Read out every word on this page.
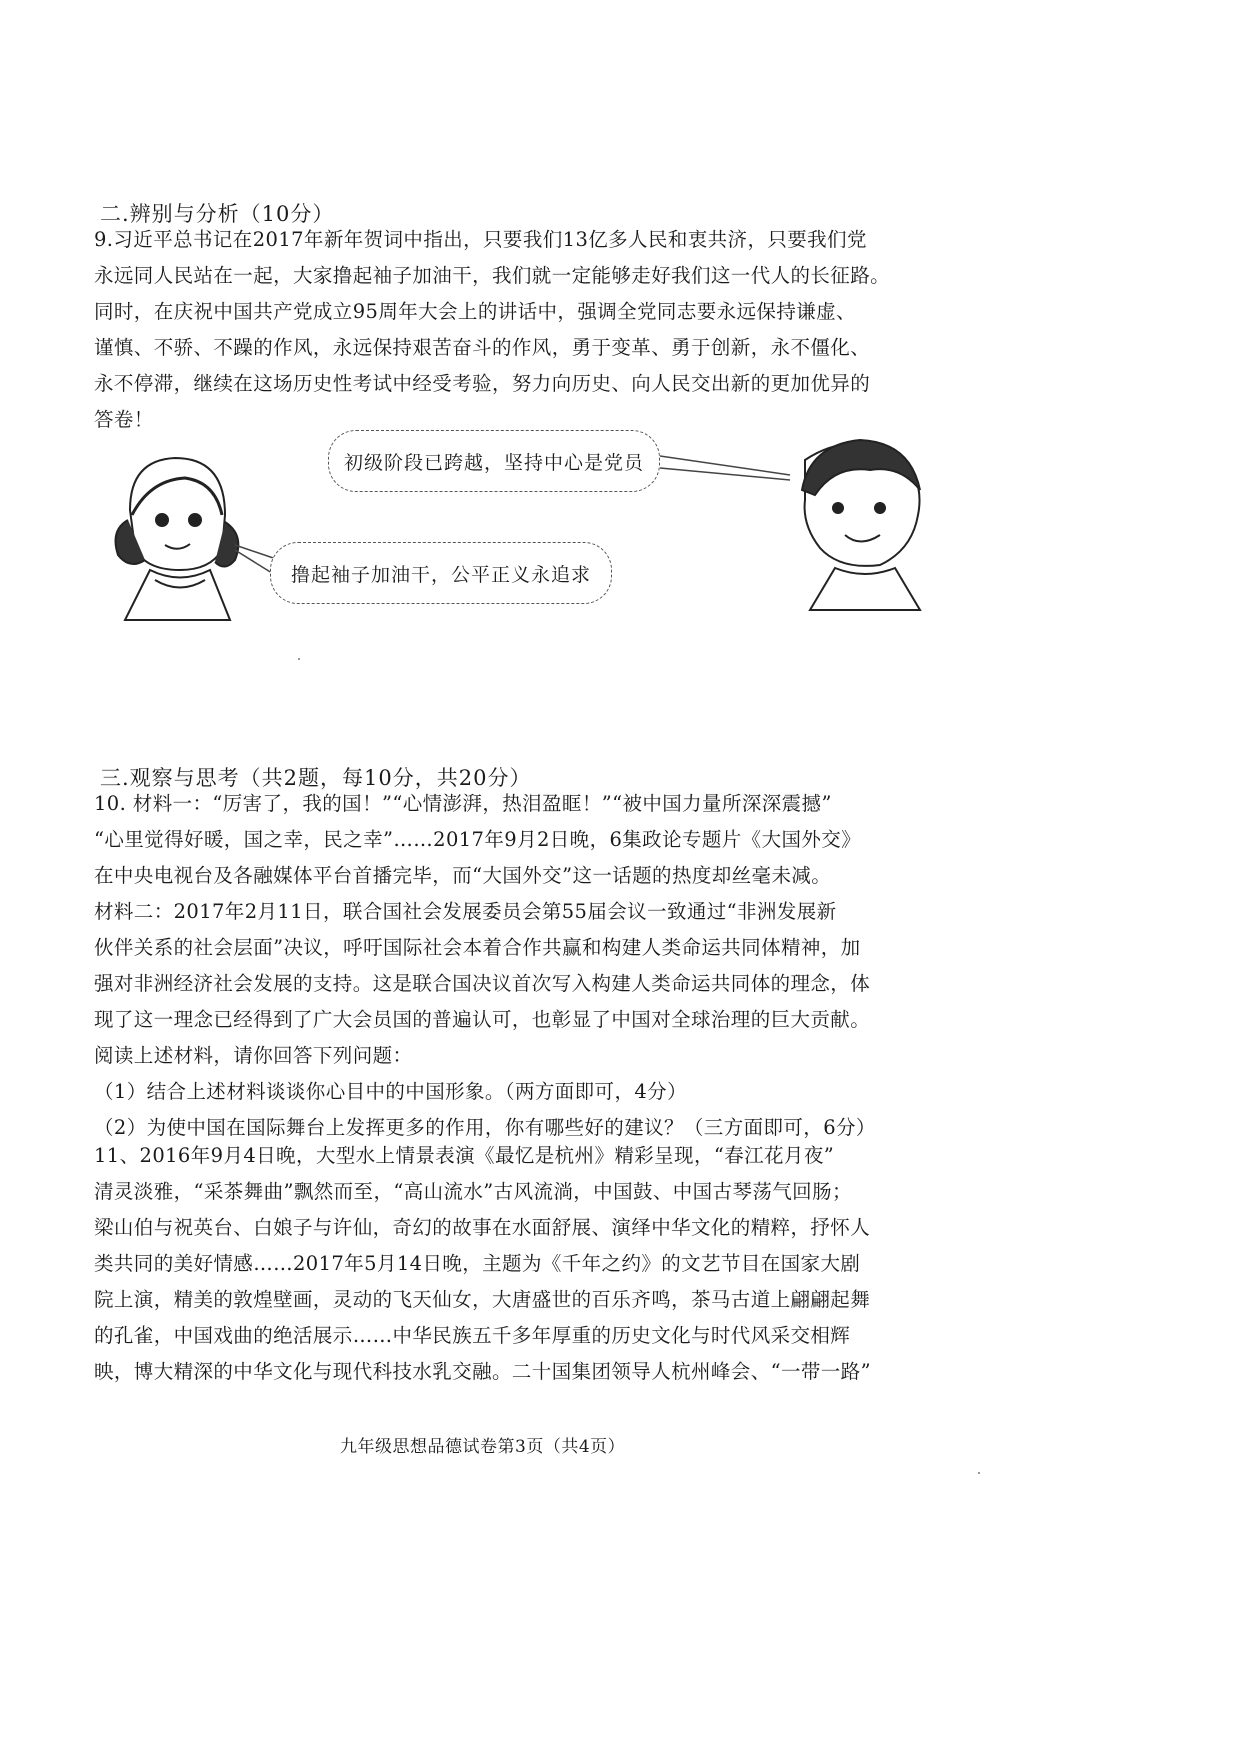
二.辨别与分析（10分）
9.习近平总书记在2017年新年贺词中指出，只要我们13亿多人民和衷共济，只要我们党
永远同人民站在一起，大家撸起袖子加油干，我们就一定能够走好我们这一代人的长征路。
同时，在庆祝中国共产党成立95周年大会上的讲话中，强调全党同志要永远保持谦虚、
谨慎、不骄、不躁的作风，永远保持艰苦奋斗的作风，勇于变革、勇于创新，永不僵化、
永不停滞，继续在这场历史性考试中经受考验，努力向历史、向人民交出新的更加优异的
答卷！
初级阶段已跨越，坚持中心是党员
撸起袖子加油干，公平正义永追求
三.观察与思考（共2题，每10分，共20分）
10. 材料一：“厉害了，我的国！”“心情澎湃，热泪盈眶！”“被中国力量所深深震撼”
“心里觉得好暖，国之幸，民之幸”……2017年9月2日晚，6集政论专题片《大国外交》
在中央电视台及各融媒体平台首播完毕，而“大国外交”这一话题的热度却丝毫未减。
材料二：2017年2月11日，联合国社会发展委员会第55届会议一致通过“非洲发展新
伙伴关系的社会层面”决议，呼吁国际社会本着合作共赢和构建人类命运共同体精神，加
强对非洲经济社会发展的支持。这是联合国决议首次写入构建人类命运共同体的理念，体
现了这一理念已经得到了广大会员国的普遍认可，也彰显了中国对全球治理的巨大贡献。
阅读上述材料，请你回答下列问题：
（1）结合上述材料谈谈你心目中的中国形象。（两方面即可，4分）
（2）为使中国在国际舞台上发挥更多的作用，你有哪些好的建议？（三方面即可，6分）
11、2016年9月4日晚，大型水上情景表演《最忆是杭州》精彩呈现，“春江花月夜”
清灵淡雅，“采茶舞曲”飘然而至，“高山流水”古风流淌，中国鼓、中国古琴荡气回肠；
梁山伯与祝英台、白娘子与许仙，奇幻的故事在水面舒展、演绎中华文化的精粹，抒怀人
类共同的美好情感……2017年5月14日晚，主题为《千年之约》的文艺节目在国家大剧
院上演，精美的敦煌壁画，灵动的飞天仙女，大唐盛世的百乐齐鸣，茶马古道上翩翩起舞
的孔雀，中国戏曲的绝活展示……中华民族五千多年厚重的历史文化与时代风采交相辉
映，博大精深的中华文化与现代科技水乳交融。二十国集团领导人杭州峰会、“一带一路”
九年级思想品德试卷第3页（共4页）
